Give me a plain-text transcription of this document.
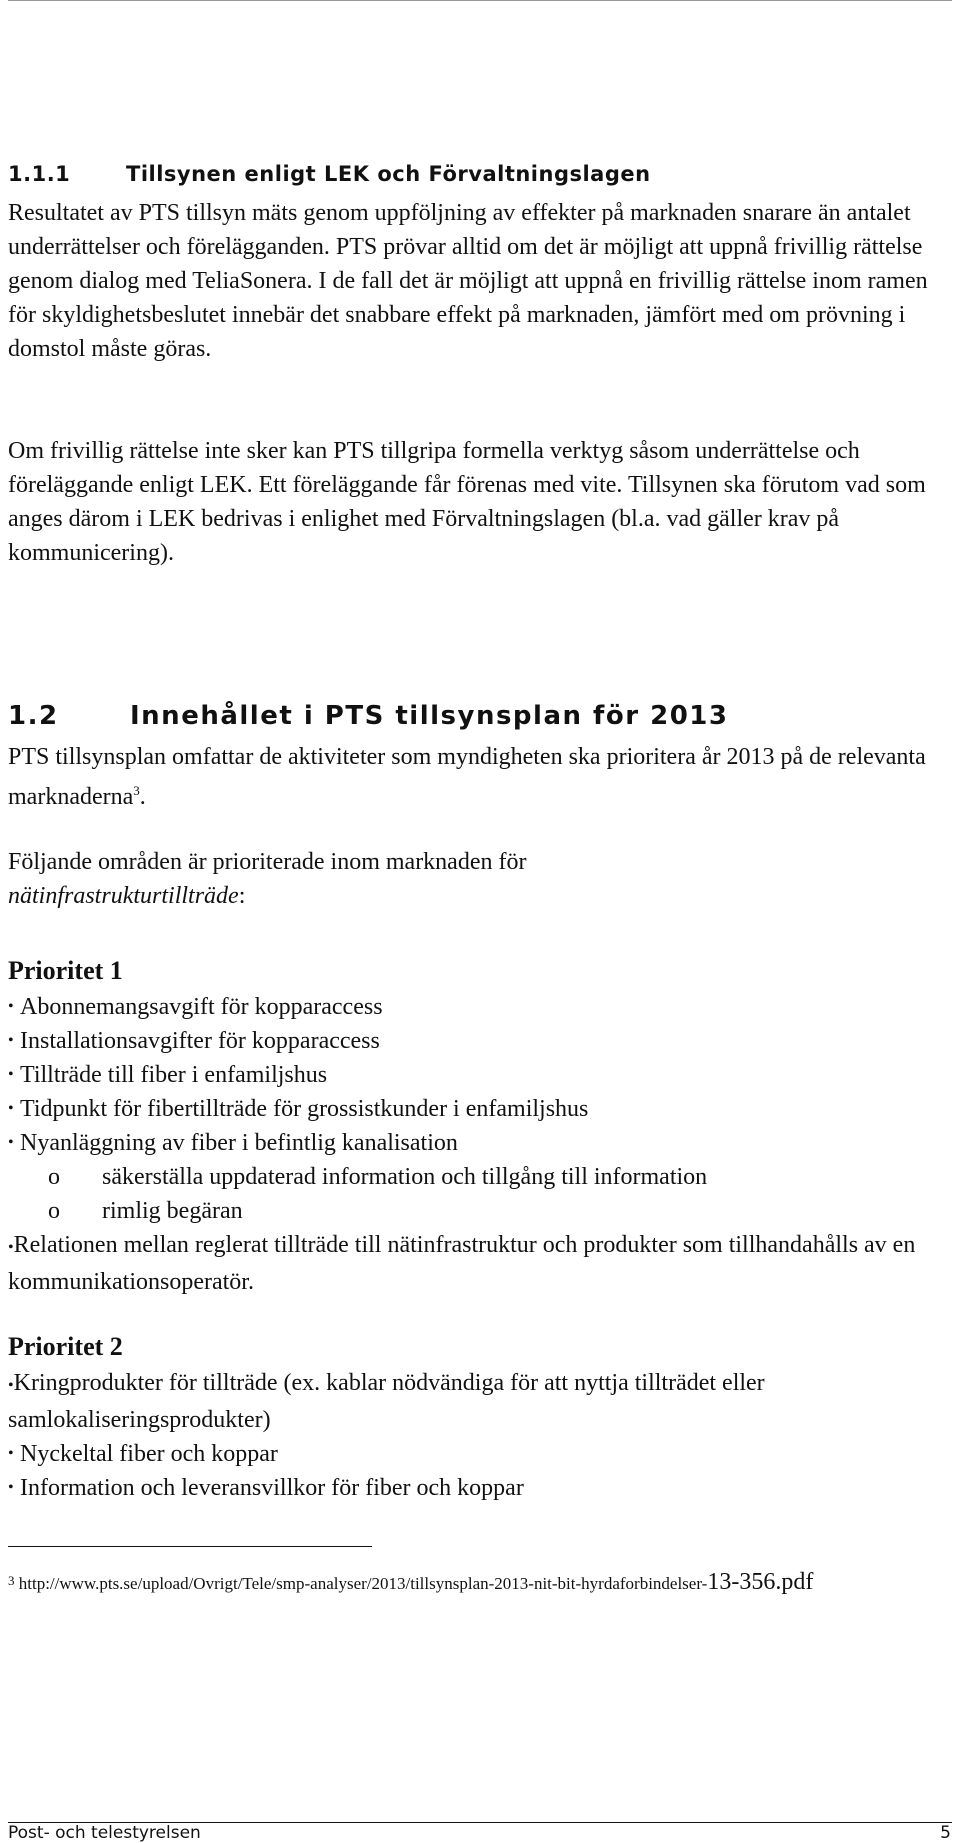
1.1.1	Tillsynen enligt LEK och Förvaltningslagen

Resultatet av PTS tillsyn mäts genom uppföljning av effekter på marknaden snarare än antalet underrättelser och förelägganden. PTS prövar alltid om det är möjligt att uppnå frivillig rättelse genom dialog med TeliaSonera. I de fall det är möjligt att uppnå en frivillig rättelse inom ramen för skyldighetsbeslutet innebär det snabbare effekt på marknaden, jämfört med om prövning i domstol måste göras.

Om frivillig rättelse inte sker kan PTS tillgripa formella verktyg såsom underrättelse och föreläggande enligt LEK. Ett föreläggande får förenas med vite. Tillsynen ska förutom vad som anges därom i LEK bedrivas i enlighet med Förvaltningslagen (bl.a. vad gäller krav på kommunicering).

1.2	Innehållet i PTS tillsynsplan för 2013

PTS tillsynsplan omfattar de aktiviteter som myndigheten ska prioritera år 2013 på de relevanta marknaderna$^3$.

Följande områden är prioriterade inom marknaden för
nätinfrastrukturtillträde:

Prioritet 1
• Abonnemangsavgift för kopparaccess
• Installationsavgifter för kopparaccess
• Tillträde till fiber i enfamiljshus
• Tidpunkt för fibertillträde för grossistkunder i enfamiljshus
• Nyanläggning av fiber i befintlig kanalisation
o säkerställa uppdaterad information och tillgång till information
o rimlig begäran
•Relationen mellan reglerat tillträde till nätinfrastruktur och produkter som tillhandahålls av en kommunikationsoperatör.
Prioritet 2
•Kringprodukter för tillträde (ex. kablar nödvändiga för att nyttja tillträdet eller samlokaliseringsprodukter)
• Nyckeltal fiber och koppar
• Information och leveransvillkor för fiber och koppar
$^3$ http://www.pts.se/upload/Ovrigt/Tele/smp-analyser/2013/tillsynsplan-2013-nit-bit-hyrdaforbindelser-13-356.pdf
Post- och telestyrelsen	5
